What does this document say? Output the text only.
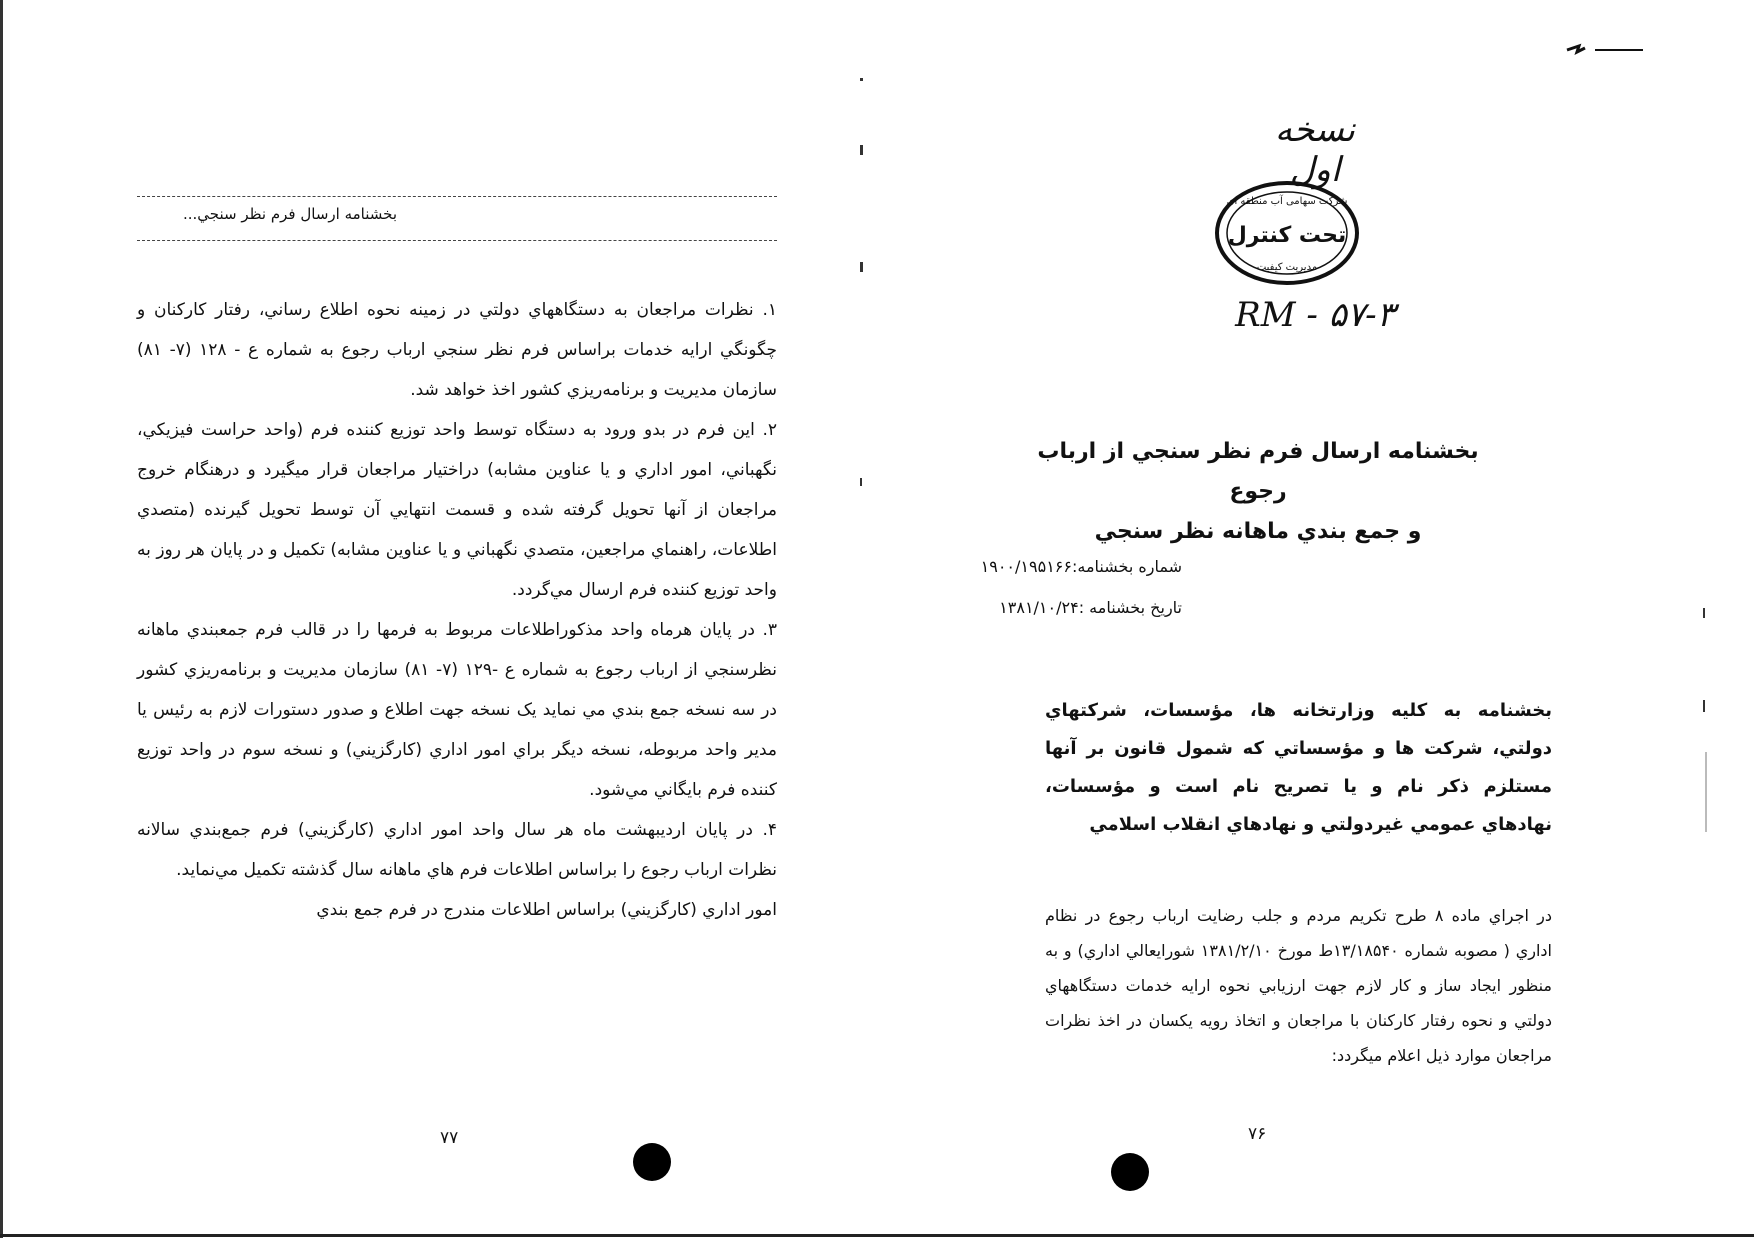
بخشنامه ارسال فرم نظر سنجي...

۱. نظرات مراجعان به دستگاههاي دولتي در زمينه نحوه اطلاع رساني، رفتار كاركنان و چگونگي ارايه خدمات براساس فرم نظر سنجي ارباب رجوع به شماره ع - ۱۲۸ (۷- ۸۱) سازمان مديريت و برنامه‌ريزي كشور اخذ خواهد شد.

۲. اين فرم در بدو ورود به دستگاه توسط واحد توزيع كننده فرم (واحد حراست فيزيكي، نگهباني، امور اداري و يا عناوين مشابه) دراختيار مراجعان قرار ميگيرد و درهنگام خروج مراجعان از آنها تحويل گرفته شده و قسمت انتهايي آن توسط تحويل گيرنده (متصدي اطلاعات، راهنماي مراجعين، متصدي نگهباني و يا عناوين مشابه) تكميل و در پايان هر روز به واحد توزيع كننده فرم ارسال مي‌گردد.

۳. در پايان هرماه واحد مذكوراطلاعات مربوط به فرمها را در قالب فرم جمعبندي ماهانه نظرسنجي از ارباب رجوع به شماره ع -۱۲۹ (۷- ۸۱) سازمان مديريت و برنامه‌ريزي كشور در سه نسخه جمع بندي مي نمايد يک نسخه جهت اطلاع و صدور دستورات لازم به رئيس يا مدير واحد مربوطه، نسخه ديگر براي امور اداري (كارگزيني) و نسخه سوم در واحد توزيع كننده فرم بايگاني مي‌شود.

۴. در پايان ارديبهشت ماه هر سال واحد امور اداري (كارگزيني) فرم جمع‌بندي سالانه نظرات ارباب رجوع را براساس اطلاعات فرم هاي ماهانه سال گذشته تكميل مي‌نمايد.

امور اداري (كارگزيني) براساس اطلاعات مندرج در فرم جمع بندي

۷۷
نسخه اول
شرکت سهامی آب منطقه ای
تحت کنترل
مدیریت کیفیت
RM - ۵۷-۳
بخشنامه ارسال فرم نظر سنجي از ارباب رجوع
و جمع بندي ماهانه نظر سنجي
شماره بخشنامه:۱۹۰۰/۱۹۵۱۶۶
تاريخ بخشنامه :۱۳۸۱/۱۰/۲۴
بخشنامه به كليه وزارتخانه ها، مؤسسات، شركتهاي دولتي، شركت ها و مؤسساتي كه شمول قانون بر آنها مستلزم ذكر نام و يا تصريح نام است و مؤسسات، نهادهاي عمومي غيردولتي و نهادهاي انقلاب اسلامي
در اجراي ماده ۸ طرح تكريم مردم و جلب رضايت ارباب رجوع در نظام اداري ( مصوبه شماره ۱۳/۱۸۵۴۰ط مورخ ۱۳۸۱/۲/۱۰ شورايعالي اداري) و به منظور ايجاد ساز و كار لازم جهت ارزيابي نحوه ارايه خدمات دستگاههاي دولتي و نحوه رفتار كاركنان با مراجعان و اتخاذ رويه يكسان در اخذ نظرات مراجعان موارد ذيل اعلام ميگردد:
۷۶
